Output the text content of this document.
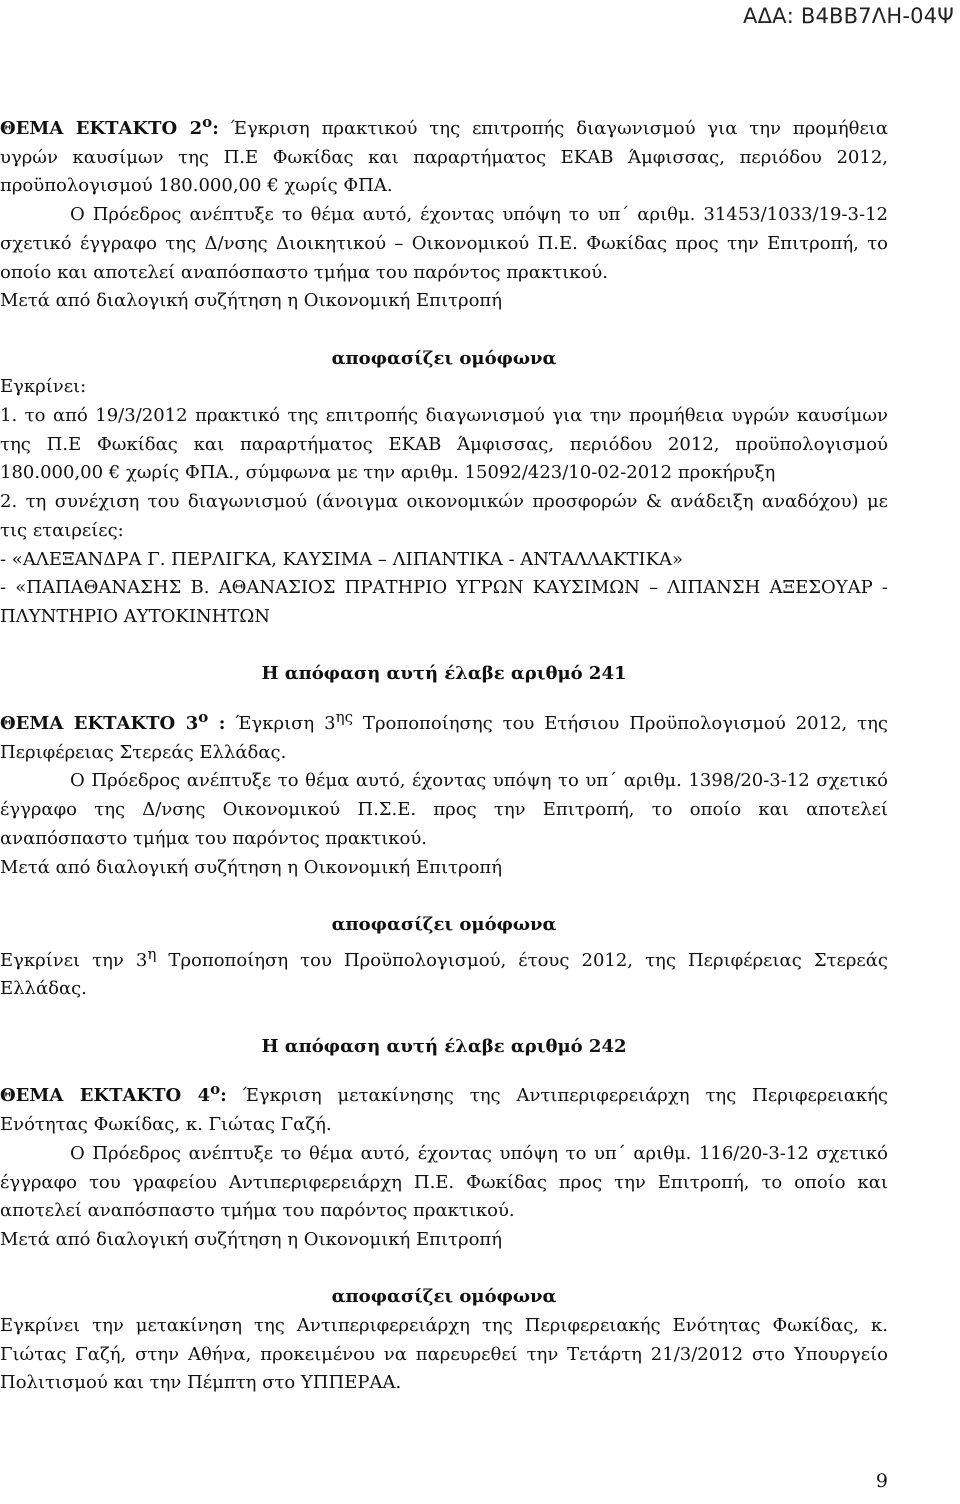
ΑΔΑ: Β4ΒΒ7ΛΗ-04Ψ

ΘΕΜΑ ΕΚΤΑΚΤΟ $2^o$: Έγκριση πρακτικού της επιτροπής διαγωνισμού για την προμήθεια υγρών καυσίμων της Π.Ε Φωκίδας και παραρτήματος ΕΚΑΒ Άμφισσας, περιόδου 2012, προϋπολογισμού 180.000,00 € χωρίς ΦΠΑ.

Ο Πρόεδρος ανέπτυξε το θέμα αυτό, έχοντας υπόψη το υπ΄ αριθμ. 31453/1033/19-3-12 σχετικό έγγραφο της Δ/νσης Διοικητικού – Οικονομικού Π.Ε. Φωκίδας προς την Επιτροπή, το οποίο και αποτελεί αναπόσπαστο τμήμα του παρόντος πρακτικού.

Μετά από διαλογική συζήτηση η Οικονομική Επιτροπή

αποφασίζει ομόφωνα

Εγκρίνει:

1. το από 19/3/2012 πρακτικό της επιτροπής διαγωνισμού για την προμήθεια υγρών καυσίμων της Π.Ε Φωκίδας και παραρτήματος ΕΚΑΒ Άμφισσας, περιόδου 2012, προϋπολογισμού 180.000,00 € χωρίς ΦΠΑ., σύμφωνα με την αριθμ. 15092/423/10-02-2012 προκήρυξη

2. τη συνέχιση του διαγωνισμού (άνοιγμα οικονομικών προσφορών & ανάδειξη αναδόχου) με τις εταιρείες:

- «ΑΛΕΞΑΝΔΡΑ Γ. ΠΕΡΛΙΓΚΑ, ΚΑΥΣΙΜΑ – ΛΙΠΑΝΤΙΚΑ - ΑΝΤΑΛΛΑΚΤΙΚΑ»

- «ΠΑΠΑΘΑΝΑΣΗΣ Β. ΑΘΑΝΑΣΙΟΣ ΠΡΑΤΗΡΙΟ ΥΓΡΩΝ ΚΑΥΣΙΜΩΝ – ΛΙΠΑΝΣΗ ΑΞΕΣΟΥΑΡ - ΠΛΥΝΤΗΡΙΟ ΑΥΤΟΚΙΝΗΤΩΝ

Η απόφαση αυτή έλαβε αριθμό 241

ΘΕΜΑ ΕΚΤΑΚΤΟ $3^o$ : Έγκριση $3^{\eta\varsigma}$ Τροποποίησης του Ετήσιου Προϋπολογισμού 2012, της Περιφέρειας Στερεάς Ελλάδας.

Ο Πρόεδρος ανέπτυξε το θέμα αυτό, έχοντας υπόψη το υπ΄ αριθμ. 1398/20-3-12 σχετικό έγγραφο της Δ/νσης Οικονομικού Π.Σ.Ε. προς την Επιτροπή, το οποίο και αποτελεί αναπόσπαστο τμήμα του παρόντος πρακτικού.

Μετά από διαλογική συζήτηση η Οικονομική Επιτροπή

αποφασίζει ομόφωνα

Εγκρίνει την $3^\eta$ Τροποποίηση του Προϋπολογισμού, έτους 2012, της Περιφέρειας Στερεάς Ελλάδας.

Η απόφαση αυτή έλαβε αριθμό 242

ΘΕΜΑ ΕΚΤΑΚΤΟ $4^o$: Έγκριση μετακίνησης της Αντιπεριφερειάρχη της Περιφερειακής Ενότητας Φωκίδας, κ. Γιώτας Γαζή.

Ο Πρόεδρος ανέπτυξε το θέμα αυτό, έχοντας υπόψη το υπ΄ αριθμ. 116/20-3-12 σχετικό έγγραφο του γραφείου Αντιπεριφερειάρχη Π.Ε. Φωκίδας προς την Επιτροπή, το οποίο και αποτελεί αναπόσπαστο τμήμα του παρόντος πρακτικού.

Μετά από διαλογική συζήτηση η Οικονομική Επιτροπή

αποφασίζει ομόφωνα

Εγκρίνει την μετακίνηση της Αντιπεριφερειάρχη της Περιφερειακής Ενότητας Φωκίδας, κ. Γιώτας Γαζή, στην Αθήνα, προκειμένου να παρευρεθεί την Τετάρτη 21/3/2012 στο Υπουργείο Πολιτισμού και την Πέμπτη στο ΥΠΠΕΡΑΑ.

9
